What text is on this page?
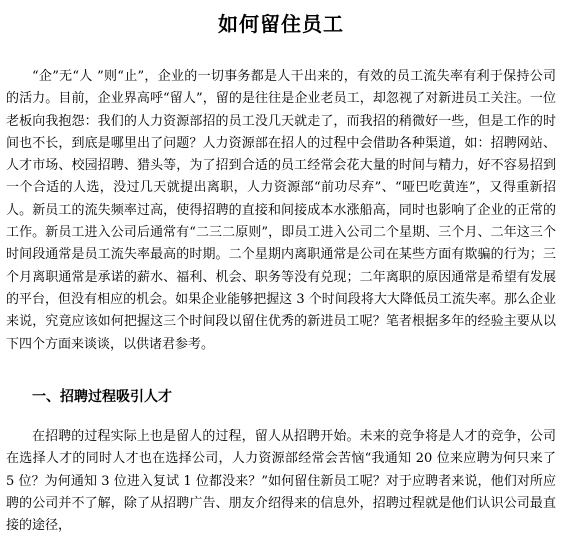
如何留住员工

“企”无“人 ”则“止”，企业的一切事务都是人干出来的，有效的员工流失率有利于保持公司的活力。目前，企业界高呼“留人”，留的是往往是企业老员工，却忽视了对新进员工关注。一位老板向我抱怨：我们的人力资源部招的员工没几天就走了，而我招的稍微好一些，但是工作的时间也不长，到底是哪里出了问题？人力资源部在招人的过程中会借助各种渠道，如：招聘网站、人才市场、校园招聘、猎头等，为了招到合适的员工经常会花大量的时间与精力，好不容易招到一个合适的人选，没过几天就提出离职，人力资源部“前功尽弃”、“哑巴吃黄连”，又得重新招人。新员工的流失频率过高，使得招聘的直接和间接成本水涨船高，同时也影响了企业的正常的工作。新员工进入公司后通常有“二三二原则”，即员工进入公司二个星期、三个月、二年这三个时间段通常是员工流失率最高的时期。二个星期内离职通常是公司在某些方面有欺骗的行为；三个月离职通常是承诺的薪水、福利、机会、职务等没有兑现；二年离职的原因通常是希望有发展的平台，但没有相应的机会。如果企业能够把握这 3 个时间段将大大降低员工流失率。那么企业来说，究竟应该如何把握这三个时间段以留住优秀的新进员工呢？笔者根据多年的经验主要从以下四个方面来谈谈，以供诸君参考。

一、招聘过程吸引人才

在招聘的过程实际上也是留人的过程，留人从招聘开始。未来的竞争将是人才的竞争，公司在选择人才的同时人才也在选择公司，人力资源部经常会苦恼“我通知 20 位来应聘为何只来了 5 位？为何通知 3 位进入复试 1 位都没来？”如何留住新员工呢？对于应聘者来说，他们对所应聘的公司并不了解，除了从招聘广告、朋友介绍得来的信息外，招聘过程就是他们认识公司最直接的途径，
